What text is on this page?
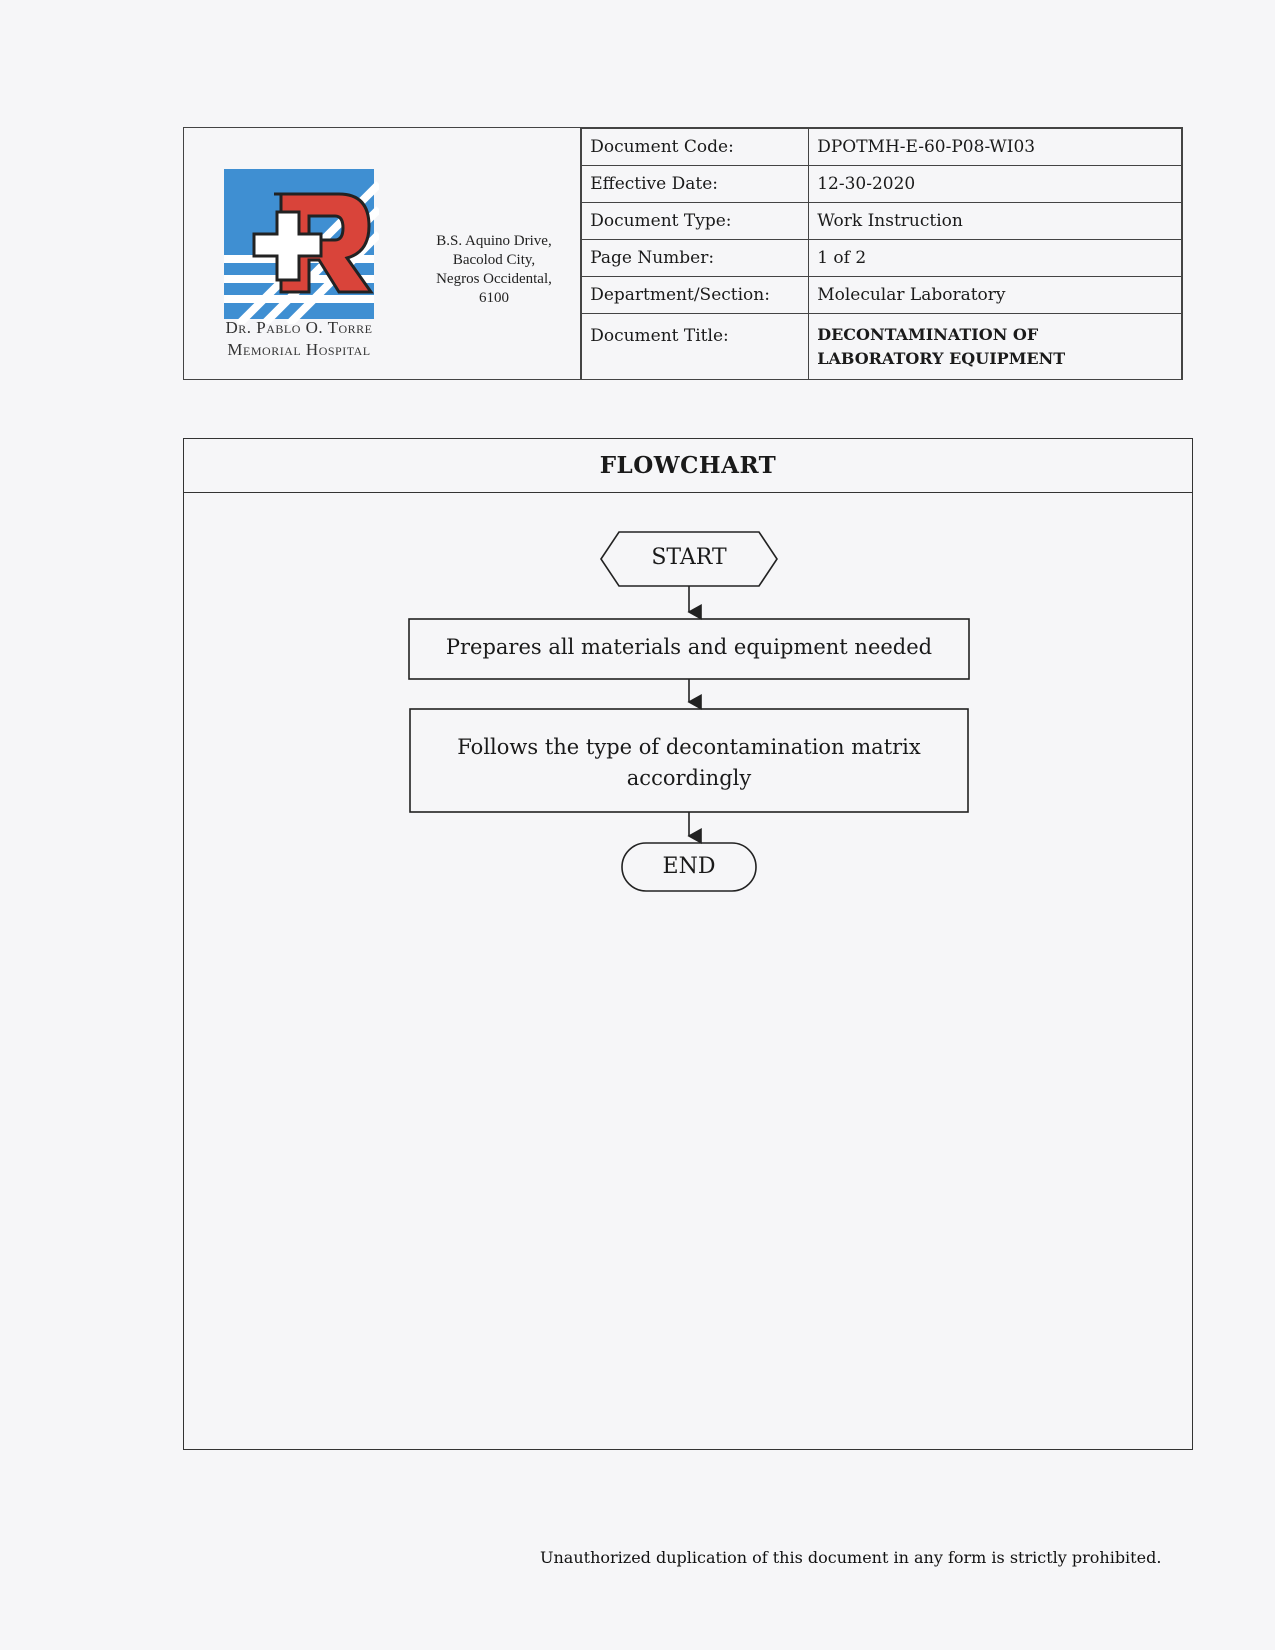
Dr. Pablo O. Torre
Memorial Hospital
B.S. Aquino Drive,
Bacolod City,
Negros Occidental,
6100
Document Code:	DPOTMH-E-60-P08-WI03
Effective Date:	12-30-2020
Document Type:	Work Instruction
Page Number:	1 of 2
Department/Section:	Molecular Laboratory
Document Title:	DECONTAMINATION OF
LABORATORY EQUIPMENT
FLOWCHART
START
Prepares all materials and equipment needed
Follows the type of decontamination matrix accordingly
END
Unauthorized duplication of this document in any form is strictly prohibited.
